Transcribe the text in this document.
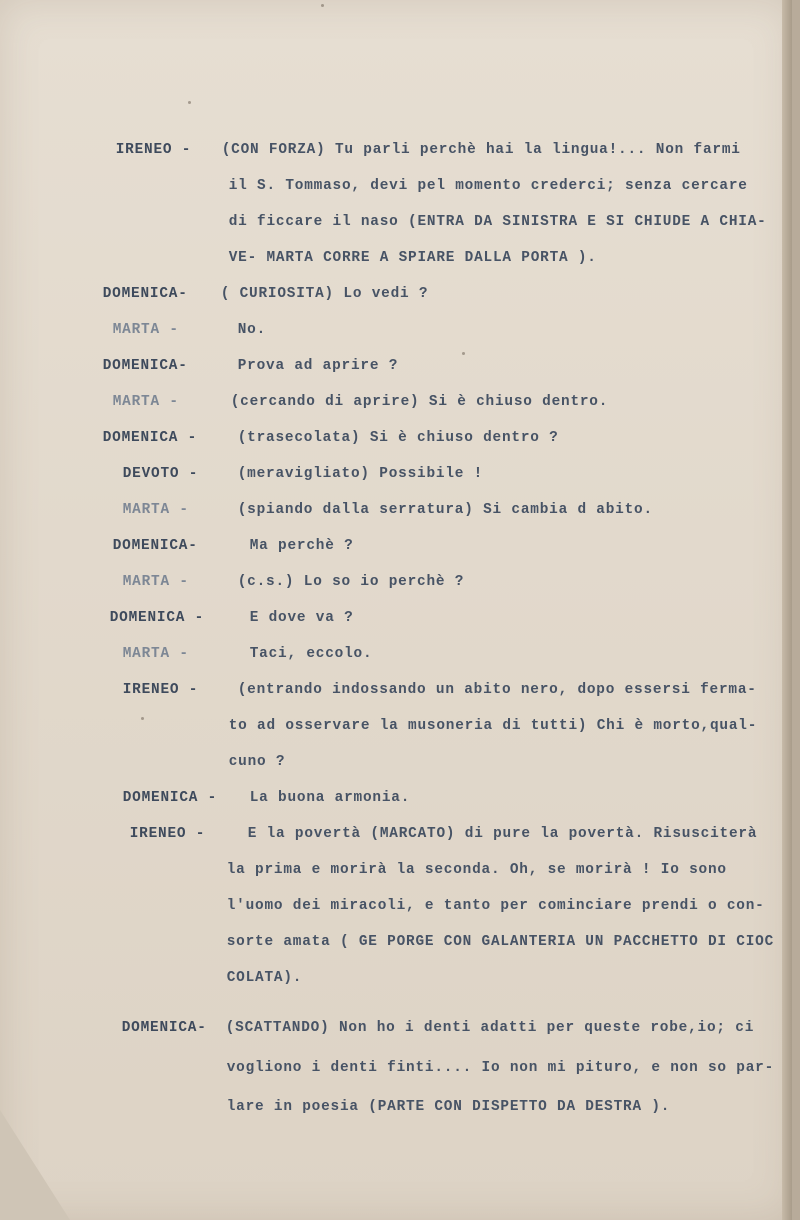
IRENEO -
	(CON FORZA) Tu parli perchè hai la lingua!... Non farmi

il S. Tommaso, devi pel momento crederci; senza cercare

di ficcare il naso (ENTRA DA SINISTRA E SI CHIUDE A CHIA-

VE- MARTA CORRE A SPIARE DALLA PORTA ).

DOMENICA-
	( CURIOSITA) Lo vedi ?

MARTA -
	No.

DOMENICA-
	Prova ad aprire ?

MARTA -
	(cercando di aprire) Si è chiuso dentro.

DOMENICA -
	(trasecolata) Si è chiuso dentro ?

DEVOTO -
	(meravigliato) Possibile !

MARTA -
	(spiando dalla serratura) Si cambia d abito.

DOMENICA-
	Ma perchè ?

MARTA -
	(c.s.) Lo so io perchè ?

DOMENICA -
	E dove va ?

MARTA -
	Taci, eccolo.

IRENEO -
	(entrando indossando un abito nero, dopo essersi ferma-

to ad osservare la musoneria di tutti) Chi è morto,qual-

cuno ?

DOMENICA -
	La buona armonia.

IRENEO -
	E la povertà (MARCATO) di pure la povertà. Risusciterà

la prima e morirà la seconda. Oh, se morirà ! Io sono

l'uomo dei miracoli, e tanto per cominciare prendi o con-

sorte amata ( GE PORGE CON GALANTERIA UN PACCHETTO DI CIOC

COLATA).

DOMENICA-
	(SCATTANDO) Non ho i denti adatti per queste robe,io; ci

vogliono i denti finti.... Io non mi pituro, e non so par-

lare in poesia (PARTE CON DISPETTO DA DESTRA ).
